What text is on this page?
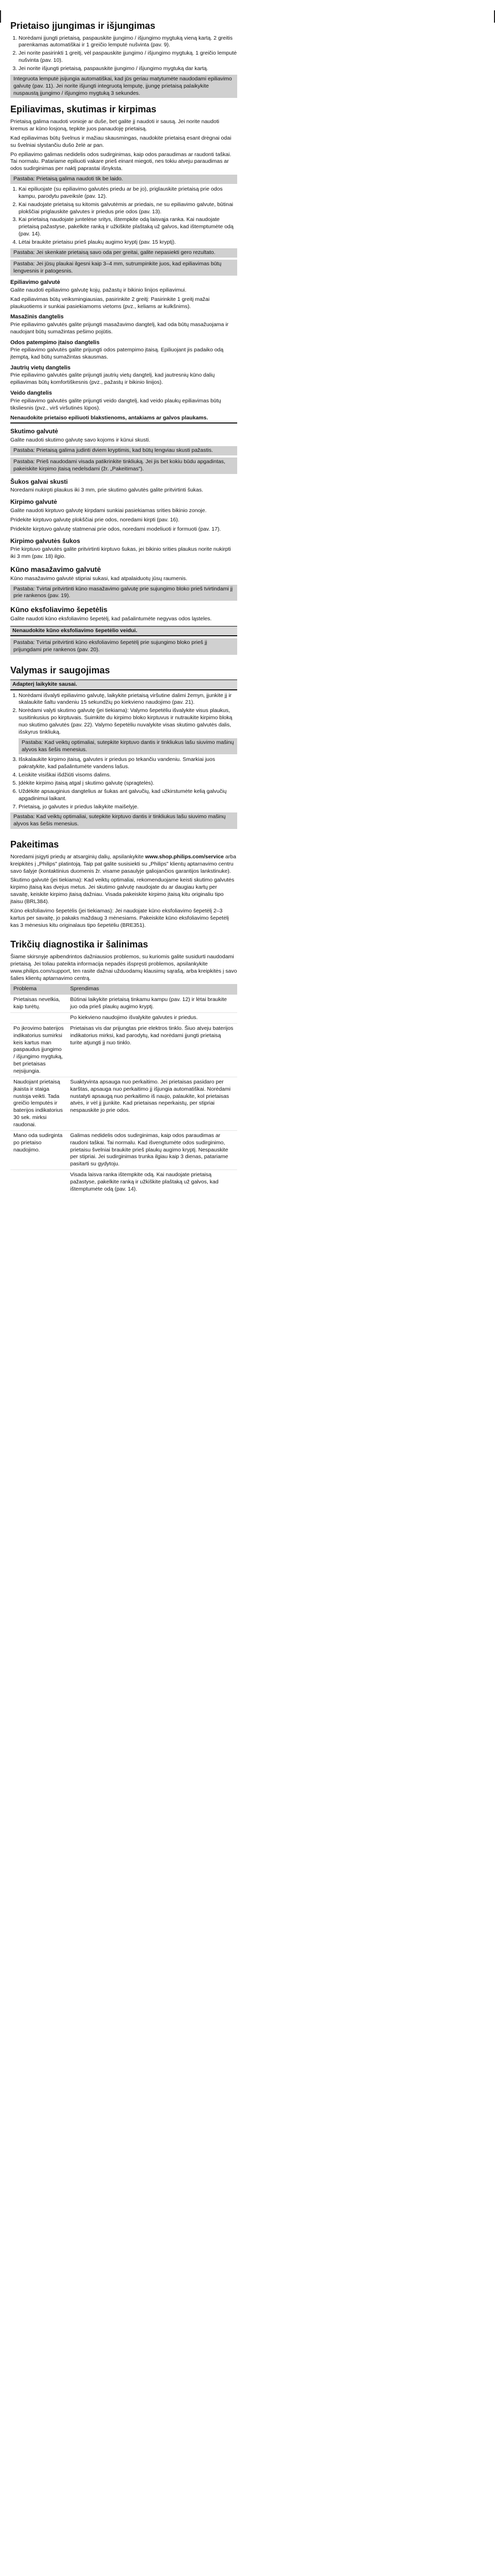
Prietaiso įjungimas ir išjungimas
1. Norėdami įjungti prietaisą, paspauskite įjungimo / išjungimo mygtuką vieną kartą. 2 greitis parenkamas automatiškai ir 1 greičio lemputė nušvinta (pav. 9).
2. Jei norite pasirinkti 1 greitį, vėl paspauskite įjungimo / išjungimo mygtuką. 1 greičio lemputė nušvinta (pav. 10).
3. Jei norite išjungti prietaisą, paspauskite įjungimo / išjungimo mygtuką dar kartą.
Integruota lemputė įsijungia automatiškai, kad jūs geriau matytumėte naudodami epiliavimo galvutę (pav. 11). Jei norite išjungti integruotą lemputę, įjungę prietaisą palaikykite nuspaustą įjungimo / išjungimo mygtuką 3 sekundes.
Epiliavimas, skutimas ir kirpimas

Prietaisą galima naudoti vonioje ar duše, bet galite jį naudoti ir sausą. Jei norite naudoti kremus ar kūno losjoną, tepkite juos panaudoję prietaisą.

Kad epiliavimas būtų švelnus ir mažiau skausmingas, naudokite prietaisą esant drėgnai odai su švelniai slystančiu dušo želė ar pan.

Po epiliavimo galimas nedidelis odos sudirginimas, kaip odos paraudimas ar raudonti taškai. Tai normalu. Patariame epiliuoti vakare prieš einant miegoti, nes tokiu atveju paraudimas ar odos sudirginimas per naktį paprastai išnyksta.

Pastaba: Prietaisą galima naudoti tik be laido.
1. Kai epiliuojate (su epiliavimo galvutės priedu ar be jo), priglauskite prietaisą prie odos kampu, parodytu paveiksle (pav. 12).
2. Kai naudojate prietaisą su kitomis galvutėmis ar priedais, ne su epiliavimo galvute, būtinai plokščiai priglauskite galvutes ir priedus prie odos (pav. 13).
3. Kai prietaisą naudojate juntelėse sritys, ištempkite odą laisvąja ranka. Kai naudojate prietaisą pažastyse, pakelkite ranką ir užkiškite plaštaką už galvos, kad ištemptumėte odą (pav. 14).
4. Lėtai braukite prietaisu prieš plaukų augimo kryptį (pav. 15 kryptį).
Pastaba: Jei skenkate prietaisą savo oda per greitai, galite nepasiekti gero rezultato.
Pastaba: Jei jūsų plaukai ilgesni kaip 3–4 mm, sutrumpinkite juos, kad epiliavimas būtų lengvesnis ir patogesnis.
Epiliavimo galvutė

Galite naudoti epiliavimo galvutę kojų, pažastų ir bikinio linijos epiliavimui.

Kad epiliavimas būtų veiksmingiausias, pasirinkite 2 greitį: Pasirinkite 1 greitį mažai plaukuotiems ir sunkiai pasiekiamoms vietoms (pvz., keliams ar kulkšnims).

Masažinis dangtelis

Prie epiliavimo galvutės galite prijungti masažavimo dangtelį, kad oda būtų masažuojama ir naudojant būtų sumažintas pešimo pojūtis.

Odos patempimo įtaiso dangtelis

Prie epiliavimo galvutės galite prijungti odos patempimo įtaisą. Epiliuojant jis padaiko odą įtemptą, kad būtų sumažintas skausmas.

Jautrių vietų dangtelis

Prie epiliavimo galvutės galite prijungti jautrių vietų dangtelį, kad jautresnių kūno dalių epiliavimas būtų komfortiškesnis (pvz., pažastų ir bikinio linijos).

Veido dangtelis

Prie epiliavimo galvutės galite prijungti veido dangtelį, kad veido plaukų epiliavimas būtų tiksliesnis (pvz., virš viršutinės lūpos).

Nenaudokite prietaiso epiliuoti blakstienoms, antakiams ar galvos plaukams.
Skutimo galvutė

Galite naudoti skutimo galvutę savo kojoms ir kūnui skusti.

Pastaba: Prietaisą galima judinti dviem kryptimis, kad būtų lengviau skusti pažastis.
Pastaba: Prieš naudodami visada patikrinkite tinkliuką. Jei jis bet kokiu būdu apgadintas, pakeiskite kirpimo įtaisą nedelsdami (žr. „Pakeitimas").
Šukos galvai skusti

Noredami nukirpti plaukus iki 3 mm, prie skutimo galvutės galite pritvirtinti šukas.

Kirpimo galvutė

Galite naudoti kirptuvo galvutę kirpdami sunkiai pasiekiamas srities bikinio zonoje.

Pridekite kirptuvo galvutę plokščiai prie odos, noredami kirpti (pav. 16).

Pridekite kirptuvo galvutę statmenai prie odos, noredami modeliuoti ir formuoti (pav. 17).

Kirpimo galvutės šukos

Prie kirptuvo galvutės galite pritvirtinti kirptuvo šukas, jei bikinio srities plaukus norite nukirpti iki 3 mm (pav. 18) ilgio.

Kūno masažavimo galvutė

Kūno masažavimo galvutė stipriai sukasi, kad atpalaiduotų jūsų raumenis.

Pastaba: Tvirtai pritvirtinti kūno masažavimo galvutę prie sujungimo bloko prieš tvirtindami jį prie rankenos (pav. 19).
Kūno eksfoliavimo šepetėlis

Galite naudoti kūno eksfoliavimo šepetėlį, kad pašalintumėte negyvas odos ląsteles.

Nenaudokite kūno eksfoliavimo šepetėlio veidui.
Pastaba: Tvirtai pritvirtinti kūno eksfoliavimo šepetėlį prie sujungimo bloko prieš jį prijungdami prie rankenos (pav. 20).
Valymas ir saugojimas
Adapterį laikykite sausai.
1. Norėdami išvalyti epiliavimo galvutę, laikykite prietaisą viršutine dalimi žemyn, įjunkite jį ir skalaukite šaltu vandeniu 15 sekundžių po kiekvieno naudojimo (pav. 21).
2. Norėdami valyti skutimo galvutę (jei tiekiama): Valymo šepetėliu išvalykite visus plaukus, susitinkusius po kirptuvais. Suimkite du kirpimo bloko kirptuvus ir nutraukite kirpimo bloką nuo skutimo galvutės (pav. 22). Valymo šepetėliu nuvalykite visas skutimo galvutės dalis, išskyrus tinkliuką.
Pastaba: Kad veiktų optimaliai, sutepkite kirptuvo dantis ir tinkliukus lašu siuvimo mašinų alyvos kas šešis menesius.
3. Išskalaukite kirpimo įtaisą, galvutes ir priedus po tekančiu vandeniu. Smarkiai juos pakratykite, kad pašalintumėte vandens lašus.
4. Leiskite visiškai išdžiūti visoms dalims.
5. Įdėkite kirpimo įtaisą atgal į skutimo galvutę (spragtelės).
6. Uždėkite apsauginius dangtelius ar šukas ant galvučių, kad užkirstumėte kelią galvučių apgadinimui laikant.
7. Prietaisą, jo galvutes ir priedus laikykite maišelyje.
Pastaba: Kad veiktų optimaliai, sutepkite kirptuvo dantis ir tinkliukus lašu siuvimo mašinų alyvos kas šešis menesius.
Pakeitimas

Noredami įsigyti priedų ar atsarginių dalių, apsilankykite www.shop.philips.com/service arba kreipkitės į „Philips" platintoją. Taip pat galite susisiekti su „Philips" klientų aptarnavimo centru savo šalyje (kontaktinius duomenis žr. visame pasaulyje galiojančios garantijos lankstinuke).

Skutimo galvutė (jei tiekiama): Kad veiktų optimaliai, rekomenduojame keisti skutimo galvutės kirpimo įtaisą kas dvejus metus. Jei skutimo galvutę naudojate du ar daugiau kartų per savaitę, keiskite kirpimo įtaisą dažniau. Visada pakeiskite kirpimo įtaisą kitu originaliu tipo įtaisu (BRL384).

Kūno eksfoliavimo šepetėlis (jei tiekiamas): Jei naudojate kūno eksfoliavimo šepetėlį 2–3 kartus per savaitę, jo pakaks maždaug 3 mėnesiams. Pakeiskite kūno eksfoliavimo šepetėlį kas 3 mėnesius kitu originalaus tipo šepetėliu (BRE351).

Trikčių diagnostika ir šalinimas

Šiame skirsnyje apibendrintos dažniausios problemos, su kuriomis galite susidurti naudodami prietaisą. Jei toliau pateikta informacija nepadės išspręsti problemos, apsilankykite www.philips.com/support, ten rasite dažnai užduodamų klausimų sąrašą, arba kreipkitės į savo šalies klientų aptarnavimo centrą.

Problema	Sprendimas
Prietaisas nevelkia, kaip turėtų.	Būtinai laikykite prietaisą tinkamu kampu (pav. 12) ir lėtai braukite juo oda prieš plaukų augimo kryptį.
	Po kiekvieno naudojimo išvalykite galvutes ir priedus.
Po įkrovimo baterijos indikatorius sumirksi keis kartus man paspaudus įjungimo / išjungimo mygtuką, bet prietaisas neįsijungia.	Prietaisas vis dar prijungtas prie elektros tinklo. Šiuo atveju baterijos indikatorius mirksi, kad parodytų, kad norėdami įjungti prietaisą turite atjungti jį nuo tinklo.
Naudojant prietaisą įkaista ir staiga nustoja veikti. Tada greičio lemputės ir baterijos indikatorius 30 sek. mirksi raudonai.	Suaktyvinta apsauga nuo perkaitimo. Jei prietaisas pasidaro per karštas, apsauga nuo perkaitimo jį išjungia automatiškai. Norėdami nustatyti apsaugą nuo perkaitimo iš naujo, palaukite, kol prietaisas atvės, ir vėl jį įjunkite. Kad prietaisas neperkaistų, per stipriai nespauskite jo prie odos.
Mano oda sudirginta po prietaiso naudojimo.	Galimas nedidelis odos sudirginimas, kaip odos paraudimas ar raudoni taškai. Tai normalu. Kad išvengtumėte odos sudirginimo, prietaisu švelniai braukite prieš plaukų augimo kryptį. Nespauskite per stipriai. Jei sudirginimas trunka ilgiau kaip 3 dienas, patariame pasitarti su gydytoju.
	Visada laisva ranka ištempkite odą. Kai naudojate prietaisą pažastyse, pakelkite ranką ir užkiškite plaštaką už galvos, kad ištemptumėte odą (pav. 14).
